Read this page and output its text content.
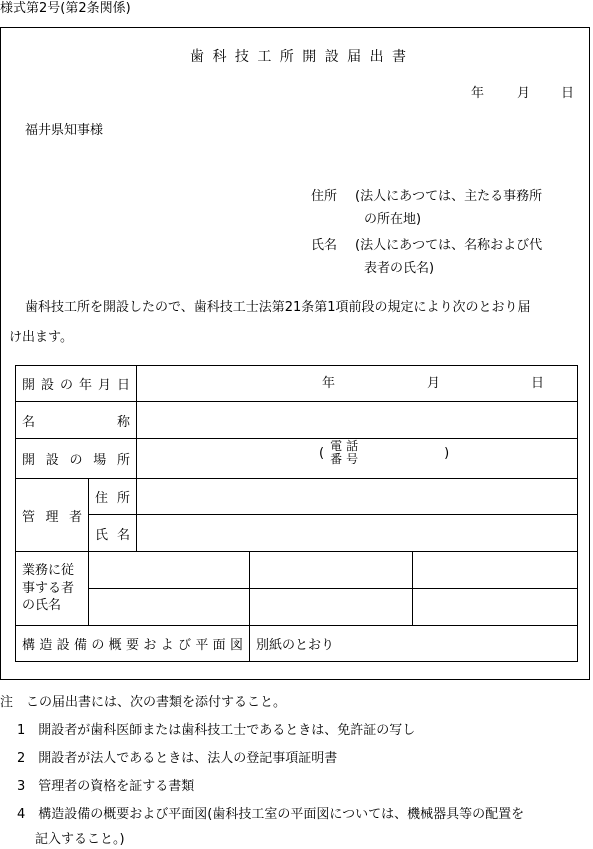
様式第2号(第2条関係)
歯 科 技 工 所 開 設 届 出 書
年	月 日
福井県知事様
住所 (法人にあつては、主たる事務所
の所在地)
氏名 (法人にあつては、名称および代
表者の氏名)
歯科技工所を開設したので、歯科技工士法第21条第1項前段の規定により次のとおり届
け出ます。
開設の年月日		年 月 日		

名称				

開設の場所		( 電話
番号 )		

管理者	住所			

	氏名			

業務に従
事する者
の氏名				

構造設備の概要および平面図			別紙のとおり	
注　この届出書には、次の書類を添付すること。
1　開設者が歯科医師または歯科技工士であるときは、免許証の写し
2　開設者が法人であるときは、法人の登記事項証明書
3　管理者の資格を証する書類
4　構造設備の概要および平面図(歯科技工室の平面図については、機械器具等の配置を
記入すること。)
